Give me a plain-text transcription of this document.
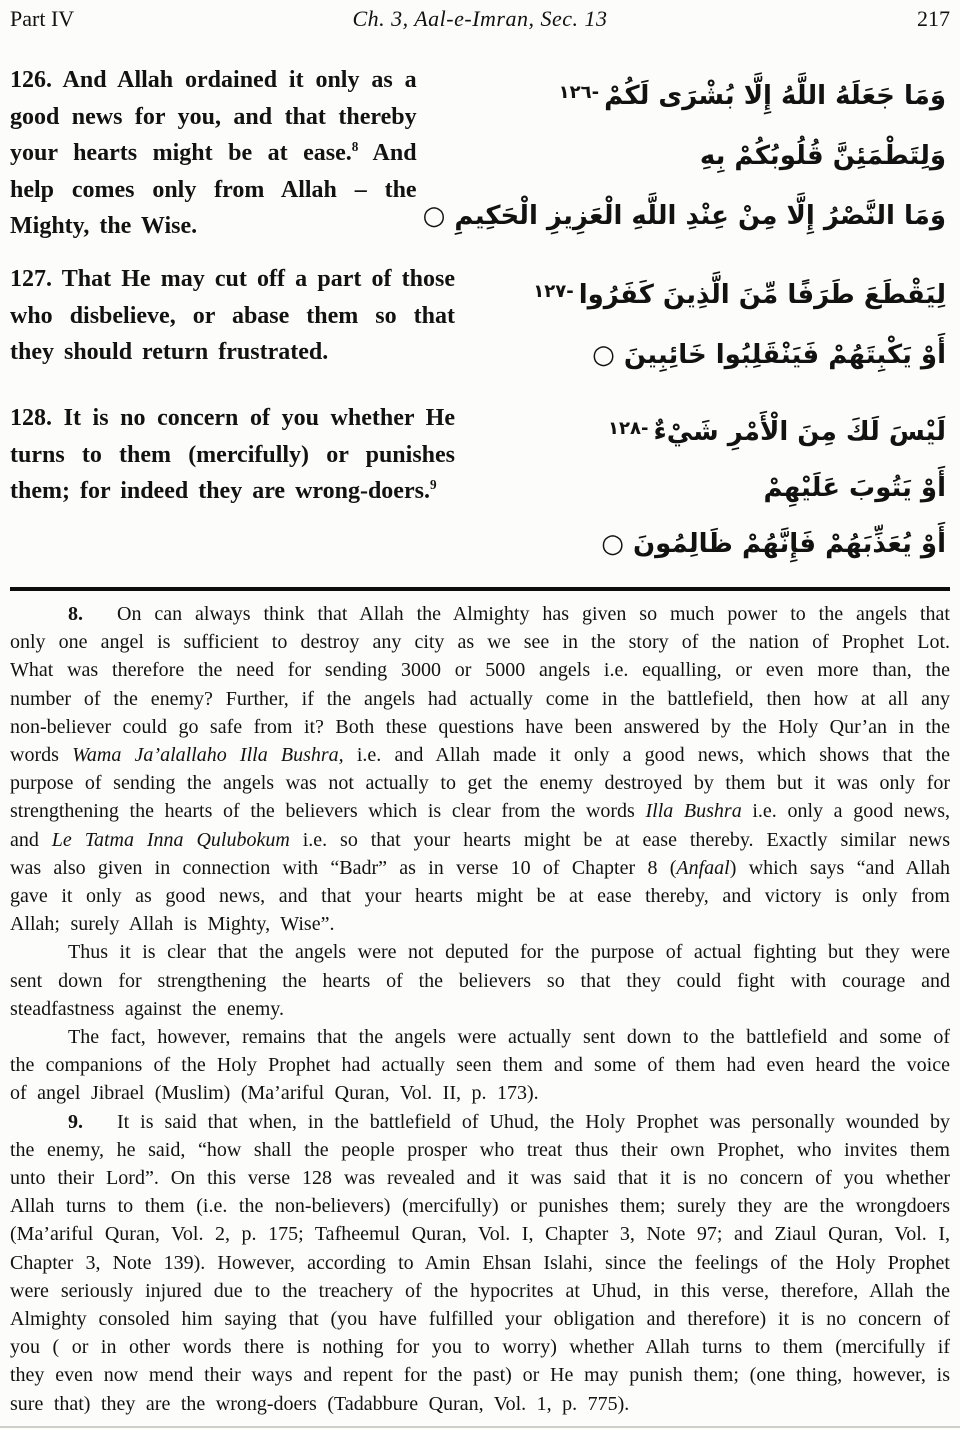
Part IV	Ch. 3, Aal-e-Imran, Sec. 13	217
126. And Allah ordained it only as a good news for you, and that thereby your hearts might be at ease.$^8$ And help comes only from Allah – the Mighty, the Wise.
١٢٦- وَمَا جَعَلَهُ اللَّهُ إِلَّا بُشْرَى لَكُمْ
وَلِتَطْمَئِنَّ قُلُوبُكُمْ بِهِ
وَمَا النَّصْرُ إِلَّا مِنْ عِنْدِ اللَّهِ الْعَزِيزِ الْحَكِيمِ ○
127. That He may cut off a part of those who disbelieve, or abase them so that they should return frustrated.
١٢٧- لِيَقْطَعَ طَرَفًا مِّنَ الَّذِينَ كَفَرُوا
أَوْ يَكْبِتَهُمْ فَيَنْقَلِبُوا خَائِبِينَ ○
128. It is no concern of you whether He turns to them (mercifully) or punishes them; for indeed they are wrong-doers.$^9$
١٢٨- لَيْسَ لَكَ مِنَ الْأَمْرِ شَيْءٌ
أَوْ يَتُوبَ عَلَيْهِمْ
أَوْ يُعَذِّبَهُمْ فَإِنَّهُمْ ظَالِمُونَ ○

8. On can always think that Allah the Almighty has given so much power to the angels that only one angel is sufficient to destroy any city as we see in the story of the nation of Prophet Lot. What was therefore the need for sending 3000 or 5000 angels i.e. equalling, or even more than, the number of the enemy? Further, if the angels had actually come in the battlefield, then how at all any non-believer could go safe from it? Both these questions have been answered by the Holy Qur’an in the words Wama Ja’alallaho Illa Bushra, i.e. and Allah made it only a good news, which shows that the purpose of sending the angels was not actually to get the enemy destroyed by them but it was only for strengthening the hearts of the believers which is clear from the words Illa Bushra i.e. only a good news, and Le Tatma Inna Qulubokum i.e. so that your hearts might be at ease thereby. Exactly similar news was also given in connection with “Badr” as in verse 10 of Chapter 8 (Anfaal) which says “and Allah gave it only as good news, and that your hearts might be at ease thereby, and victory is only from Allah; surely Allah is Mighty, Wise”.

Thus it is clear that the angels were not deputed for the purpose of actual fighting but they were sent down for strengthening the hearts of the believers so that they could fight with courage and steadfastness against the enemy.

The fact, however, remains that the angels were actually sent down to the battlefield and some of the companions of the Holy Prophet had actually seen them and some of them had even heard the voice of angel Jibrael (Muslim) (Ma’ariful Quran, Vol. II, p. 173).

9. It is said that when, in the battlefield of Uhud, the Holy Prophet was personally wounded by the enemy, he said, “how shall the people prosper who treat thus their own Prophet, who invites them unto their Lord”. On this verse 128 was revealed and it was said that it is no concern of you whether Allah turns to them (i.e. the non-believers) (mercifully) or punishes them; surely they are the wrongdoers (Ma’ariful Quran, Vol. 2, p. 175; Tafheemul Quran, Vol. I, Chapter 3, Note 97; and Ziaul Quran, Vol. I, Chapter 3, Note 139). However, according to Amin Ehsan Islahi, since the feelings of the Holy Prophet were seriously injured due to the treachery of the hypocrites at Uhud, in this verse, therefore, Allah the Almighty consoled him saying that (you have fulfilled your obligation and therefore) it is no concern of you ( or in other words there is nothing for you to worry) whether Allah turns to them (mercifully if they even now mend their ways and repent for the past) or He may punish them; (one thing, however, is sure that) they are the wrong-doers (Tadabbure Quran, Vol. 1, p. 775).
